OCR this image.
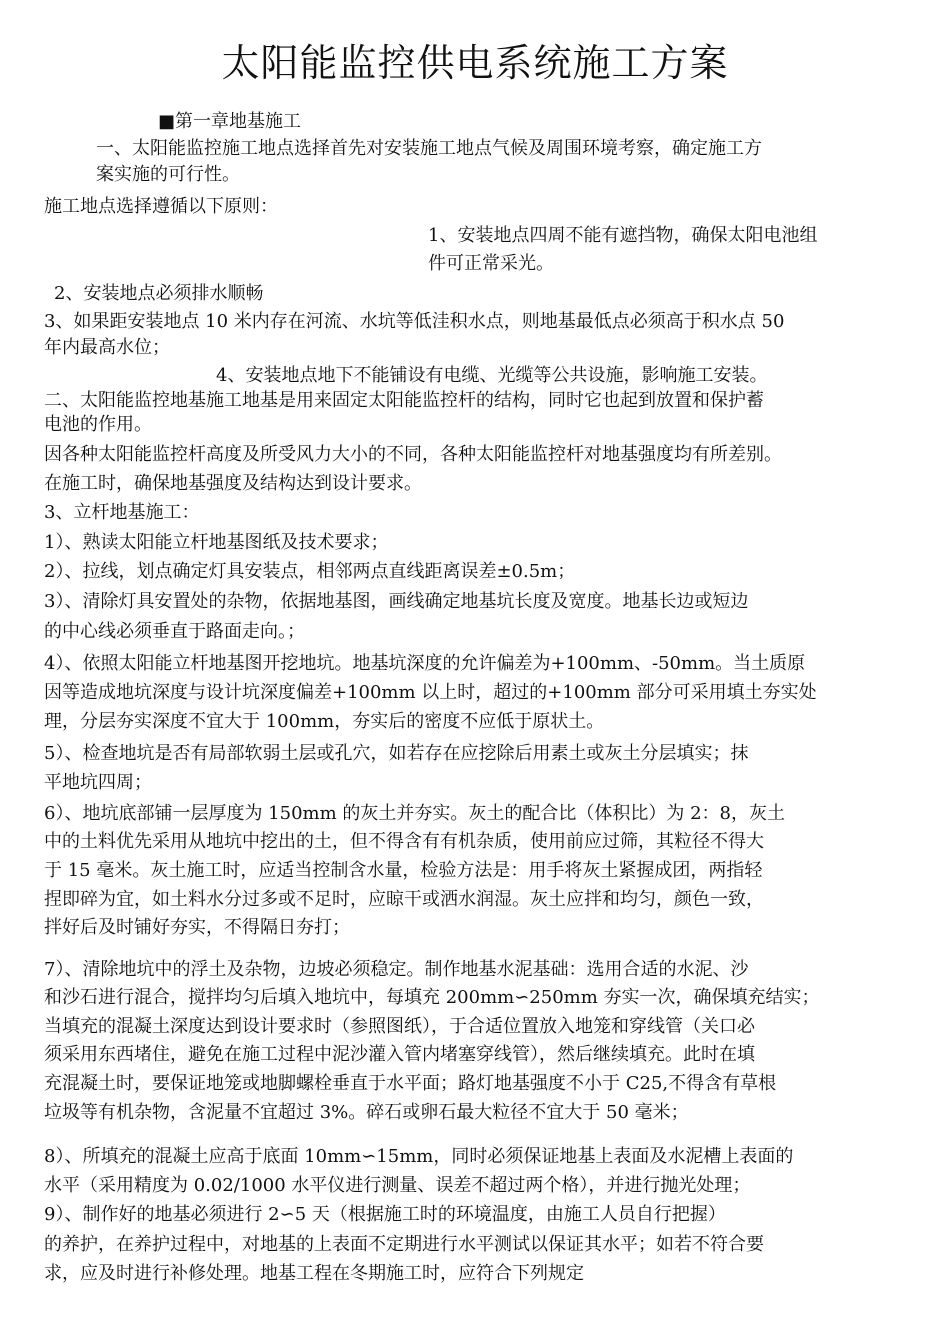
太阳能监控供电系统施工方案
■第一章地基施工
一、太阳能监控施工地点选择首先对安装施工地点气候及周围环境考察，确定施工方
案实施的可行性。
施工地点选择遵循以下原则：
1、安装地点四周不能有遮挡物，确保太阳电池组
件可正常采光。
2、安装地点必须排水顺畅
3、如果距安装地点 10 米内存在河流、水坑等低洼积水点，则地基最低点必须高于积水点 50
年内最高水位；
4、安装地点地下不能铺设有电缆、光缆等公共设施，影响施工安装。
二、太阳能监控地基施工地基是用来固定太阳能监控杆的结构，同时它也起到放置和保护蓄
电池的作用。
因各种太阳能监控杆高度及所受风力大小的不同，各种太阳能监控杆对地基强度均有所差别。
在施工时，确保地基强度及结构达到设计要求。
3、立杆地基施工：
1）、熟读太阳能立杆地基图纸及技术要求；
2）、拉线，划点确定灯具安装点，相邻两点直线距离误差±0.5m；
3）、清除灯具安置处的杂物，依据地基图，画线确定地基坑长度及宽度。地基长边或短边
的中心线必须垂直于路面走向。；
4）、依照太阳能立杆地基图开挖地坑。地基坑深度的允许偏差为+100mm、-50mm。当土质原
因等造成地坑深度与设计坑深度偏差+100mm 以上时，超过的+100mm 部分可采用填土夯实处
理，分层夯实深度不宜大于 100mm，夯实后的密度不应低于原状土。
5）、检查地坑是否有局部软弱土层或孔穴，如若存在应挖除后用素土或灰土分层填实；抹
平地坑四周；
6）、地坑底部铺一层厚度为 150mm 的灰土并夯实。灰土的配合比（体积比）为 2：8，灰土
中的土料优先采用从地坑中挖出的土，但不得含有有机杂质，使用前应过筛，其粒径不得大
于 15 毫米。灰土施工时，应适当控制含水量，检验方法是：用手将灰土紧握成团，两指轻
捏即碎为宜，如土料水分过多或不足时，应晾干或洒水润湿。灰土应拌和均匀，颜色一致，
拌好后及时铺好夯实，不得隔日夯打；
7）、清除地坑中的浮土及杂物，边坡必须稳定。制作地基水泥基础：选用合适的水泥、沙
和沙石进行混合，搅拌均匀后填入地坑中，每填充 200mm∽250mm 夯实一次，确保填充结实；
当填充的混凝土深度达到设计要求时（参照图纸），于合适位置放入地笼和穿线管（关口必
须采用东西堵住，避免在施工过程中泥沙灌入管内堵塞穿线管），然后继续填充。此时在填
充混凝土时，要保证地笼或地脚螺栓垂直于水平面；路灯地基强度不小于 C25,不得含有草根
垃圾等有机杂物，含泥量不宜超过 3%。碎石或卵石最大粒径不宜大于 50 毫米；
8）、所填充的混凝土应高于底面 10mm∽15mm，同时必须保证地基上表面及水泥槽上表面的
水平（采用精度为 0.02/1000 水平仪进行测量、误差不超过两个格），并进行抛光处理；
9）、制作好的地基必须进行 2∽5 天（根据施工时的环境温度，由施工人员自行把握）
的养护，在养护过程中，对地基的上表面不定期进行水平测试以保证其水平；如若不符合要
求，应及时进行补修处理。地基工程在冬期施工时，应符合下列规定
